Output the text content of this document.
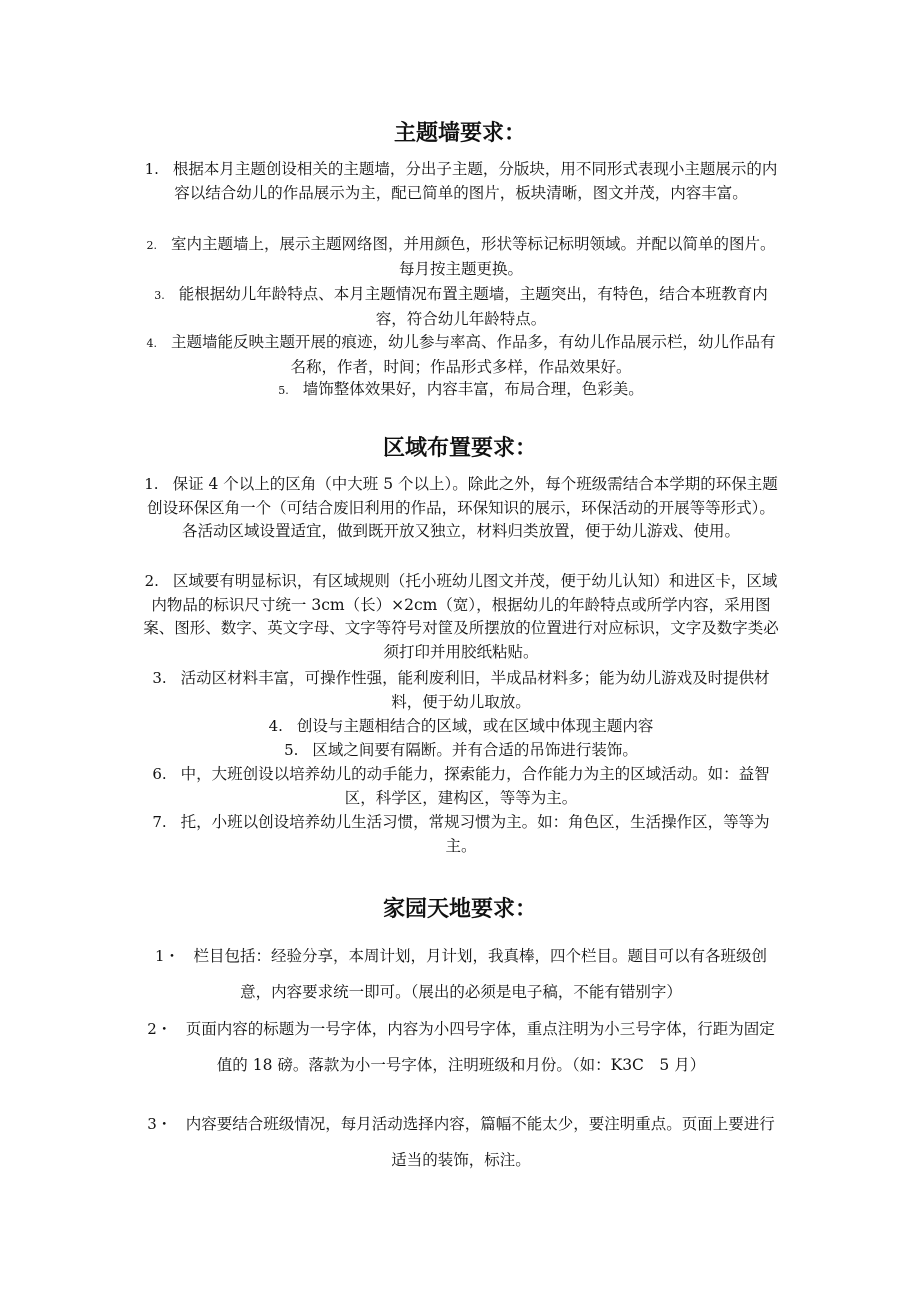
主题墙要求：
1. 根据本月主题创设相关的主题墙，分出子主题，分版块，用不同形式表现小主题展示的内容以结合幼儿的作品展示为主，配已简单的图片，板块清晰，图文并茂，内容丰富。
2. 室内主题墙上，展示主题网络图，并用颜色，形状等标记标明领域。并配以简单的图片。每月按主题更换。
3. 能根据幼儿年龄特点、本月主题情况布置主题墙，主题突出，有特色，结合本班教育内容，符合幼儿年龄特点。
4. 主题墙能反映主题开展的痕迹，幼儿参与率高、作品多，有幼儿作品展示栏，幼儿作品有名称，作者，时间；作品形式多样，作品效果好。
5. 墙饰整体效果好，内容丰富，布局合理，色彩美。
区域布置要求：
1. 保证 4 个以上的区角（中大班 5 个以上）。除此之外，每个班级需结合本学期的环保主题创设环保区角一个（可结合废旧利用的作品，环保知识的展示，环保活动的开展等等形式）。各活动区域设置适宜，做到既开放又独立，材料归类放置，便于幼儿游戏、使用。
2. 区域要有明显标识，有区域规则（托小班幼儿图文并茂，便于幼儿认知）和进区卡，区域内物品的标识尺寸统一 3cm（长）×2cm（宽），根据幼儿的年龄特点或所学内容，采用图案、图形、数字、英文字母、文字等符号对筐及所摆放的位置进行对应标识，文字及数字类必须打印并用胶纸粘贴。
3. 活动区材料丰富，可操作性强，能利废利旧，半成品材料多；能为幼儿游戏及时提供材料，便于幼儿取放。
4. 创设与主题相结合的区域，或在区域中体现主题内容
5. 区域之间要有隔断。并有合适的吊饰进行装饰。
6. 中，大班创设以培养幼儿的动手能力，探索能力，合作能力为主的区域活动。如：益智区，科学区，建构区，等等为主。
7. 托，小班以创设培养幼儿生活习惯，常规习惯为主。如：角色区，生活操作区，等等为主。
家园天地要求：
1・ 栏目包括：经验分享，本周计划，月计划，我真棒，四个栏目。题目可以有各班级创意，内容要求统一即可。（展出的必须是电子稿，不能有错别字）
2・ 页面内容的标题为一号字体，内容为小四号字体，重点注明为小三号字体，行距为固定值的 18 磅。落款为小一号字体，注明班级和月份。（如：K3C　5 月）
3・ 内容要结合班级情况，每月活动选择内容，篇幅不能太少，要注明重点。页面上要进行适当的装饰，标注。
